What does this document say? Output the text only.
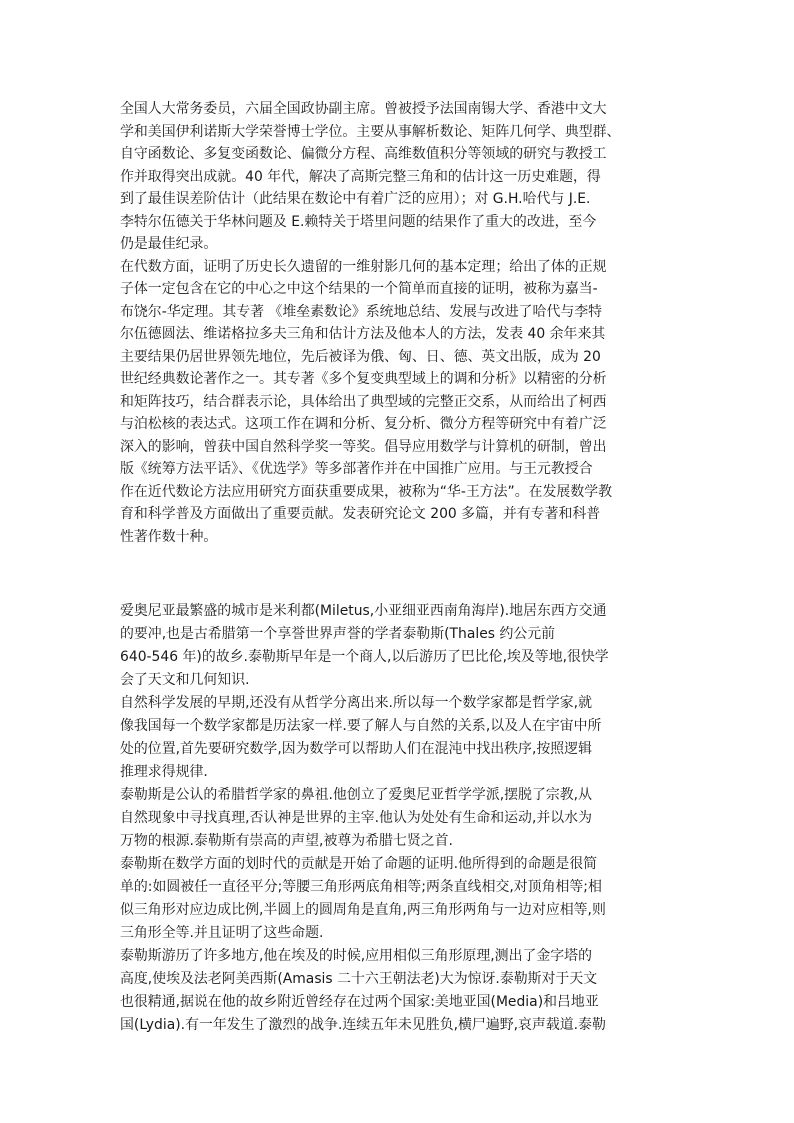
全国人大常务委员，六届全国政协副主席。曾被授予法国南锡大学、香港中文大
学和美国伊利诺斯大学荣誉博士学位。主要从事解析数论、矩阵几何学、典型群、
自守函数论、多复变函数论、偏微分方程、高维数值积分等领域的研究与教授工
作并取得突出成就。40 年代，解决了高斯完整三角和的估计这一历史难题，得
到了最佳误差阶估计（此结果在数论中有着广泛的应用）；对 G.H.哈代与 J.E.
李特尔伍德关于华林问题及 E.赖特关于塔里问题的结果作了重大的改进，至今
仍是最佳纪录。
在代数方面，证明了历史长久遗留的一维射影几何的基本定理；给出了体的正规
子体一定包含在它的中心之中这个结果的一个简单而直接的证明，被称为嘉当-
布饶尔-华定理。其专著 《堆垒素数论》系统地总结、发展与改进了哈代与李特
尔伍德圆法、维诺格拉多夫三角和估计方法及他本人的方法，发表 40 余年来其
主要结果仍居世界领先地位，先后被译为俄、匈、日、德、英文出版，成为 20
世纪经典数论著作之一。其专著《多个复变典型域上的调和分析》以精密的分析
和矩阵技巧，结合群表示论，具体给出了典型域的完整正交系，从而给出了柯西
与泊松核的表达式。这项工作在调和分析、复分析、微分方程等研究中有着广泛
深入的影响，曾获中国自然科学奖一等奖。倡导应用数学与计算机的研制，曾出
版《统筹方法平话》、《优选学》等多部著作并在中国推广应用。与王元教授合
作在近代数论方法应用研究方面获重要成果，被称为“华-王方法”。在发展数学教
育和科学普及方面做出了重要贡献。发表研究论文 200 多篇，并有专著和科普
性著作数十种。
爱奥尼亚最繁盛的城市是米利都(Miletus,小亚细亚西南角海岸).地居东西方交通
的要冲,也是古希腊第一个享誉世界声誉的学者泰勒斯(Thales 约公元前
640-546 年)的故乡.泰勒斯早年是一个商人,以后游历了巴比伦,埃及等地,很快学
会了天文和几何知识.
自然科学发展的早期,还没有从哲学分离出来.所以每一个数学家都是哲学家,就
像我国每一个数学家都是历法家一样.要了解人与自然的关系,以及人在宇宙中所
处的位置,首先要研究数学,因为数学可以帮助人们在混沌中找出秩序,按照逻辑
推理求得规律.
泰勒斯是公认的希腊哲学家的鼻祖.他创立了爱奥尼亚哲学学派,摆脱了宗教,从
自然现象中寻找真理,否认神是世界的主宰.他认为处处有生命和运动,并以水为
万物的根源.泰勒斯有崇高的声望,被尊为希腊七贤之首.
泰勒斯在数学方面的划时代的贡献是开始了命题的证明.他所得到的命题是很简
单的:如圆被任一直径平分;等腰三角形两底角相等;两条直线相交,对顶角相等;相
似三角形对应边成比例,半圆上的圆周角是直角,两三角形两角与一边对应相等,则
三角形全等.并且证明了这些命题.
泰勒斯游历了许多地方,他在埃及的时候,应用相似三角形原理,测出了金字塔的
高度,使埃及法老阿美西斯(Amasis 二十六王朝法老)大为惊讶.泰勒斯对于天文
也很精通,据说在他的故乡附近曾经存在过两个国家:美地亚国(Media)和吕地亚
国(Lydia).有一年发生了激烈的战争.连续五年未见胜负,横尸遍野,哀声载道.泰勒
